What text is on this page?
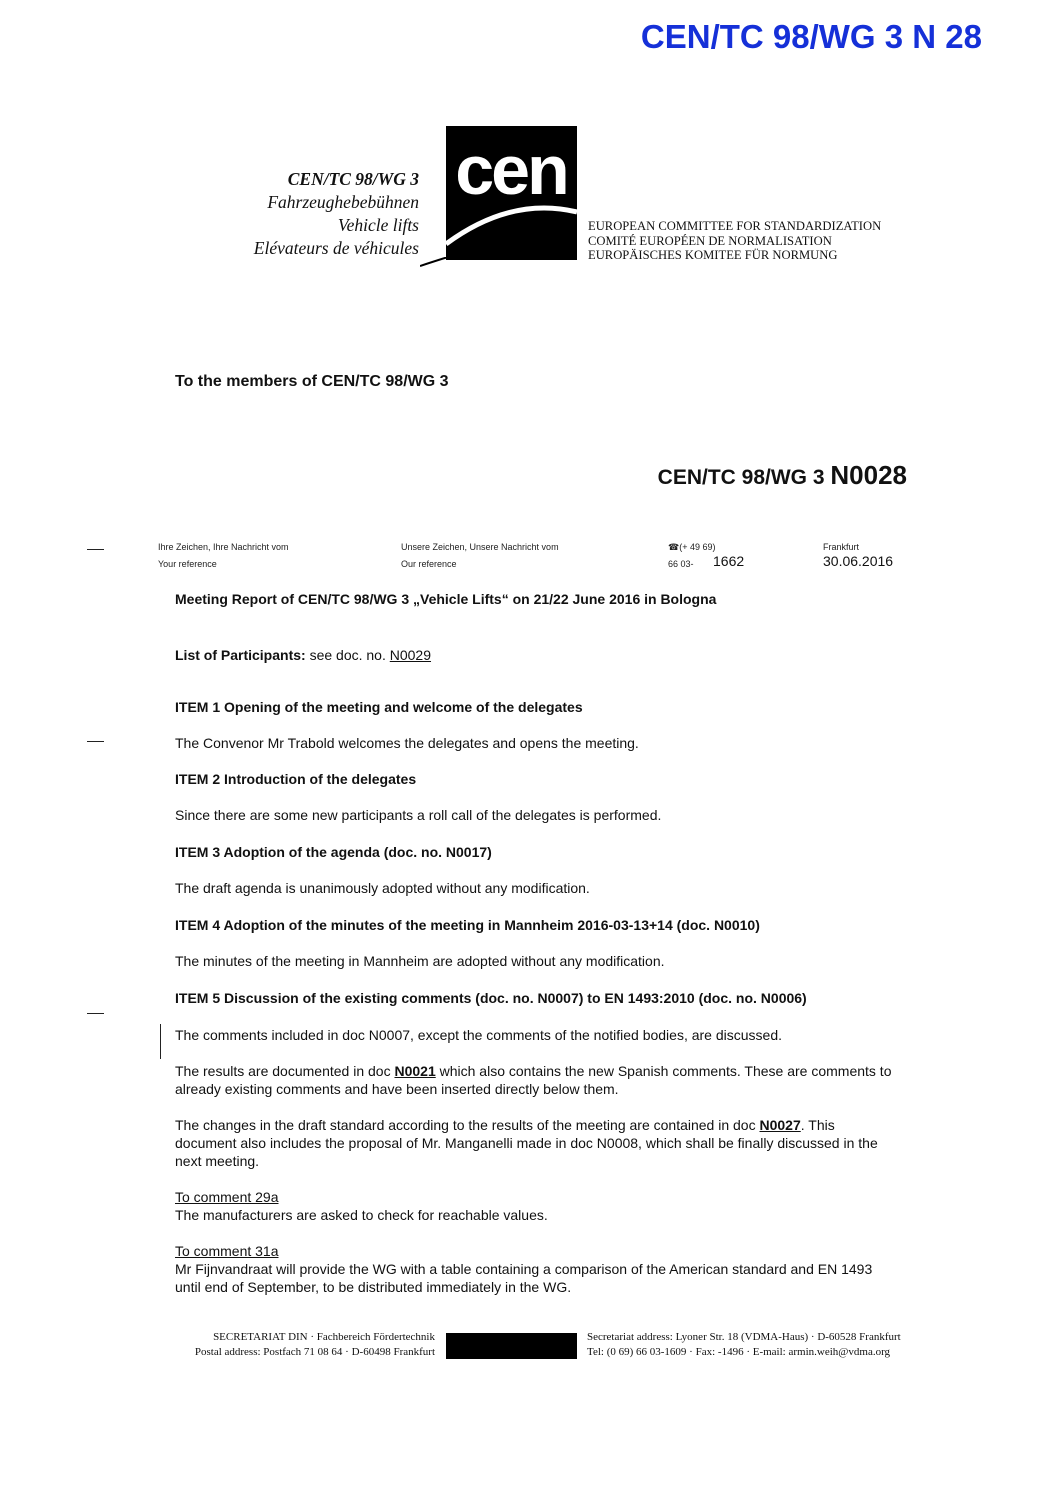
CEN/TC 98/WG 3 N 28
CEN/TC 98/WG 3
Fahrzeughebebühnen
Vehicle lifts
Elévateurs de véhicules
cen
EUROPEAN COMMITTEE FOR STANDARDIZATION
COMITÉ EUROPÉEN DE NORMALISATION
EUROPÄISCHES KOMITEE FÜR NORMUNG
To the members of CEN/TC 98/WG 3
CEN/TC 98/WG 3 N0028
Ihre Zeichen, Ihre Nachricht vom
Your reference
Unsere Zeichen, Unsere Nachricht vom
Our reference
☎(+ 49 69)
66 03- 1662
Frankfurt
30.06.2016
Meeting Report of CEN/TC 98/WG 3 „Vehicle Lifts“ on 21/22 June 2016 in Bologna
List of Participants: see doc. no. N0029
ITEM 1 Opening of the meeting and welcome of the delegates
The Convenor Mr Trabold welcomes the delegates and opens the meeting.
ITEM 2 Introduction of the delegates
Since there are some new participants a roll call of the delegates is performed.
ITEM 3 Adoption of the agenda (doc. no. N0017)
The draft agenda is unanimously adopted without any modification.
ITEM 4 Adoption of the minutes of the meeting in Mannheim 2016-03-13+14 (doc. N0010)
The minutes of the meeting in Mannheim are adopted without any modification.
ITEM 5 Discussion of the existing comments (doc. no. N0007) to EN 1493:2010 (doc. no. N0006)
The comments included in doc N0007, except the comments of the notified bodies, are discussed.
The results are documented in doc N0021 which also contains the new Spanish comments. These are comments to already existing comments and have been inserted directly below them.
The changes in the draft standard according to the results of the meeting are contained in doc N0027. This document also includes the proposal of Mr. Manganelli made in doc N0008, which shall be finally discussed in the next meeting.
To comment 29a
The manufacturers are asked to check for reachable values.
To comment 31a
Mr Fijnvandraat will provide the WG with a table containing a comparison of the American standard and EN 1493 until end of September, to be distributed immediately in the WG.
SECRETARIAT DIN · Fachbereich Fördertechnik
Postal address: Postfach 71 08 64 · D-60498 Frankfurt
Secretariat address: Lyoner Str. 18 (VDMA-Haus) · D-60528 Frankfurt
Tel: (0 69) 66 03-1609 · Fax: -1496 · E-mail: armin.weih@vdma.org
